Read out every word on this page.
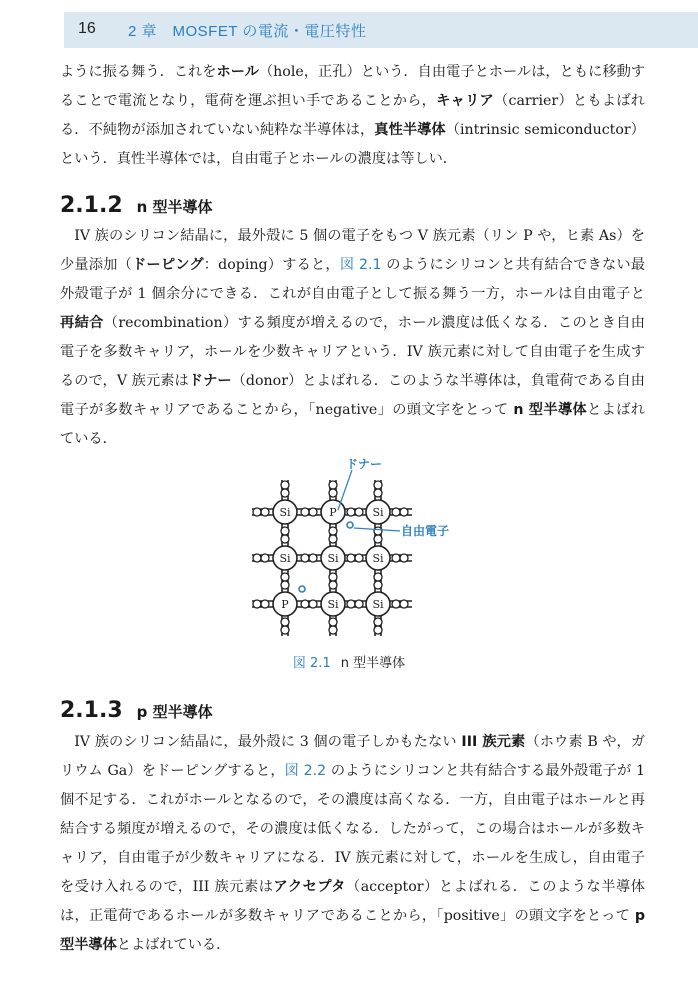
16 2 章　MOSFET の電流・電圧特性

ように振る舞う．これをホール（hole，正孔）という．自由電子とホールは，ともに移動することで電流となり，電荷を運ぶ担い手であることから，キャリア（carrier）ともよばれる．不純物が添加されていない純粋な半導体は，真性半導体（intrinsic semiconductor）という．真性半導体では，自由電子とホールの濃度は等しい．

2.1.2 n 型半導体

IV 族のシリコン結晶に，最外殻に 5 個の電子をもつ V 族元素（リン P や，ヒ素 As）を少量添加（ドーピング：doping）すると，図 2.1 のようにシリコンと共有結合できない最外殻電子が 1 個余分にできる．これが自由電子として振る舞う一方，ホールは自由電子と再結合（recombination）する頻度が増えるので，ホール濃度は低くなる．このとき自由電子を多数キャリア，ホールを少数キャリアという．IV 族元素に対して自由電子を生成するので，V 族元素はドナー（donor）とよばれる．このような半導体は，負電荷である自由電子が多数キャリアであることから，「negative」の頭文字をとって n 型半導体とよばれている．

Si	P	Si
Si	Si	Si
P	Si	Si
ドナー
自由電子
図 2.1 n 型半導体
2.1.3 p 型半導体

IV 族のシリコン結晶に，最外殻に 3 個の電子しかもたない III 族元素（ホウ素 B や，ガリウム Ga）をドーピングすると，図 2.2 のようにシリコンと共有結合する最外殻電子が 1 個不足する．これがホールとなるので，その濃度は高くなる．一方，自由電子はホールと再結合する頻度が増えるので，その濃度は低くなる．したがって，この場合はホールが多数キャリア，自由電子が少数キャリアになる．IV 族元素に対して，ホールを生成し，自由電子を受け入れるので，III 族元素はアクセプタ（acceptor）とよばれる．このような半導体は，正電荷であるホールが多数キャリアであることから，「positive」の頭文字をとって p 型半導体とよばれている．
